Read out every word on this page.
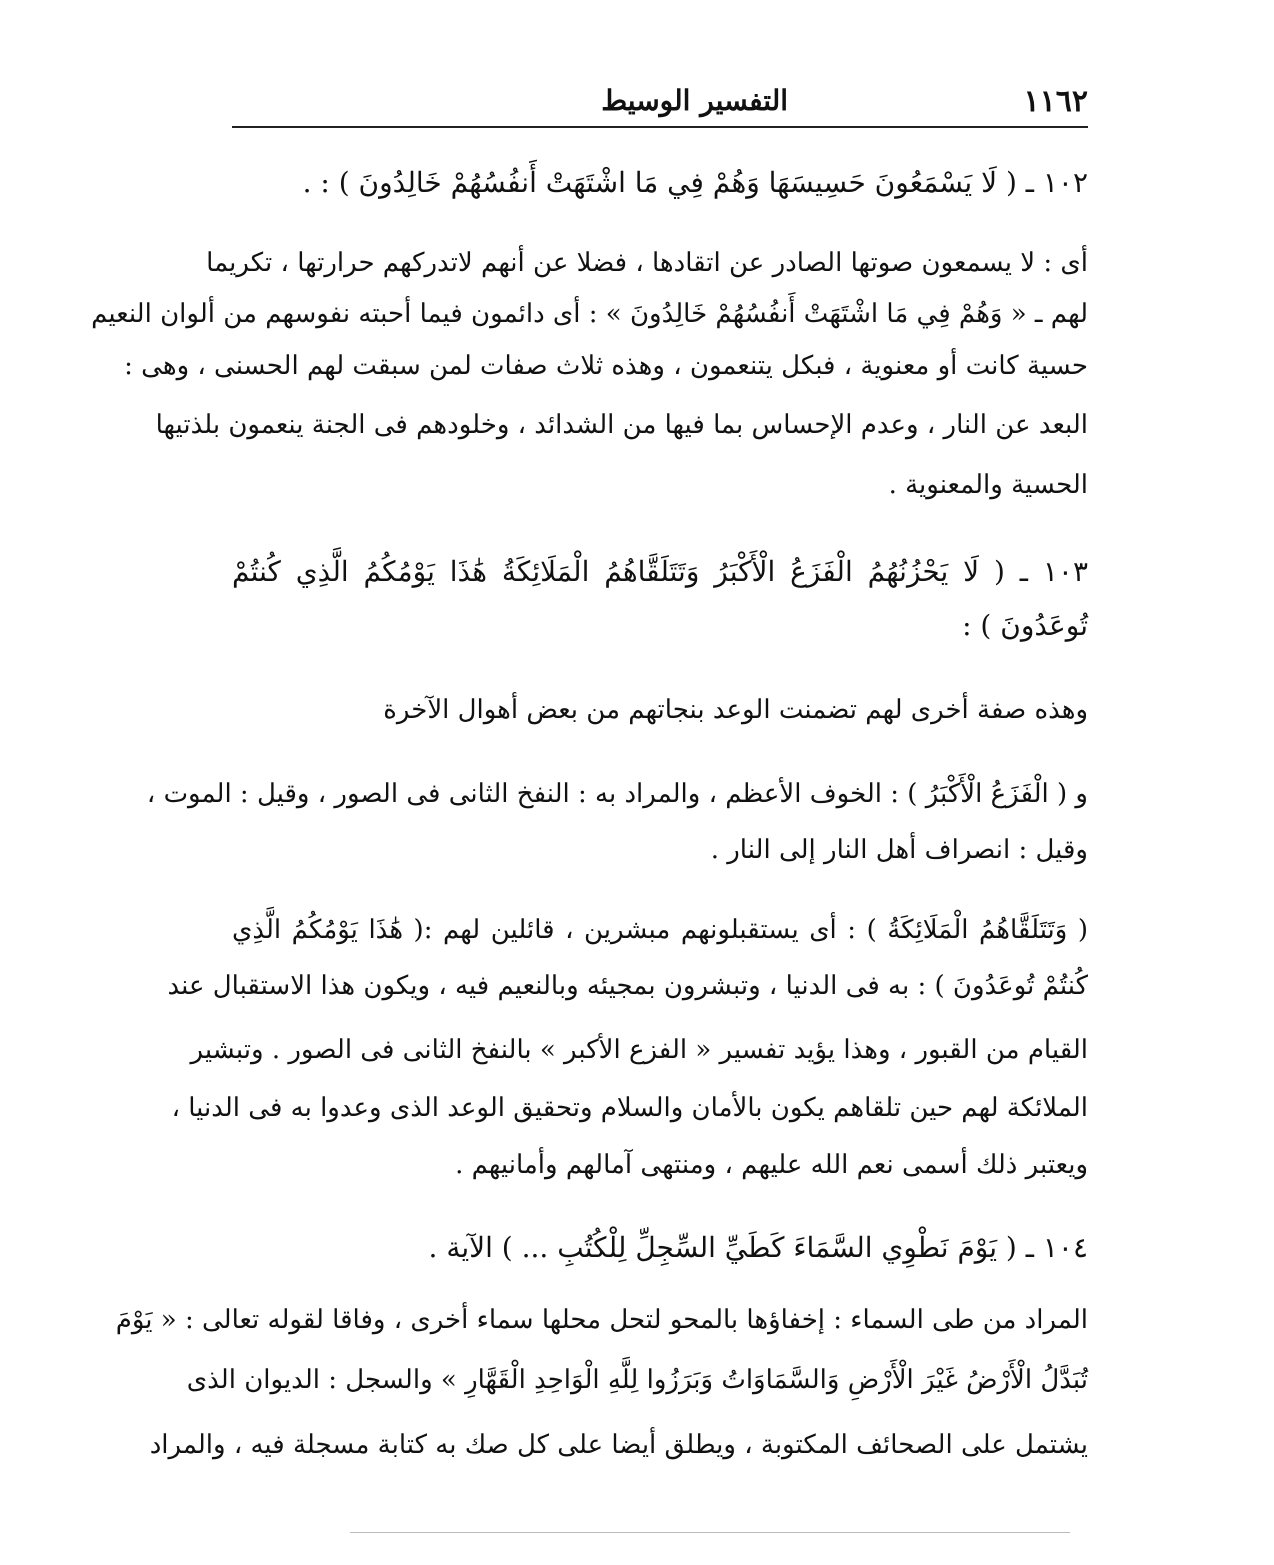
١١٦٢
التفسير الوسيط
١٠٢ ـ ( لَا يَسْمَعُونَ حَسِيسَهَا وَهُمْ فِي مَا اشْتَهَتْ أَنفُسُهُمْ خَالِدُونَ ) : .
أى : لا يسمعون صوتها الصادر عن اتقادها ، فضلا عن أنهم لاتدركهم حرارتها ، تكريما
لهم ـ « وَهُمْ فِي مَا اشْتَهَتْ أَنفُسُهُمْ خَالِدُونَ » : أى دائمون فيما أحبته نفوسهم من ألوان النعيم
حسية كانت أو معنوية ، فبكل يتنعمون ، وهذه ثلاث صفات لمن سبقت لهم الحسنى ، وهى :
البعد عن النار ، وعدم الإحساس بما فيها من الشدائد ، وخلودهم فى الجنة ينعمون بلذتيها
الحسية والمعنوية .
١٠٣ ـ ( لَا يَحْزُنُهُمُ الْفَزَعُ الْأَكْبَرُ وَتَتَلَقَّاهُمُ الْمَلَائِكَةُ هَٰذَا يَوْمُكُمُ الَّذِي كُنتُمْ
تُوعَدُونَ ) :
وهذه صفة أخرى لهم تضمنت الوعد بنجاتهم من بعض أهوال الآخرة
و ( الْفَزَعُ الْأَكْبَرُ ) : الخوف الأعظم ، والمراد به : النفخ الثانى فى الصور ، وقيل : الموت ،
وقيل : انصراف أهل النار إلى النار .
( وَتَتَلَقَّاهُمُ الْمَلَائِكَةُ ) : أى يستقبلونهم مبشرين ، قائلين لهم :( هَٰذَا يَوْمُكُمُ الَّذِي
كُنتُمْ تُوعَدُونَ ) : به فى الدنيا ، وتبشرون بمجيئه وبالنعيم فيه ، ويكون هذا الاستقبال عند
القيام من القبور ، وهذا يؤيد تفسير « الفزع الأكبر » بالنفخ الثانى فى الصور . وتبشير
الملائكة لهم حين تلقاهم يكون بالأمان والسلام وتحقيق الوعد الذى وعدوا به فى الدنيا ،
ويعتبر ذلك أسمى نعم الله عليهم ، ومنتهى آمالهم وأمانيهم .
١٠٤ ـ ( يَوْمَ نَطْوِي السَّمَاءَ كَطَيِّ السِّجِلِّ لِلْكُتُبِ ... ) الآية .
المراد من طى السماء : إخفاؤها بالمحو لتحل محلها سماء أخرى ، وفاقا لقوله تعالى : « يَوْمَ
تُبَدَّلُ الْأَرْضُ غَيْرَ الْأَرْضِ وَالسَّمَاوَاتُ وَبَرَزُوا لِلَّهِ الْوَاحِدِ الْقَهَّارِ » والسجل : الديوان الذى
يشتمل على الصحائف المكتوبة ، ويطلق أيضا على كل صك به كتابة مسجلة فيه ، والمراد
